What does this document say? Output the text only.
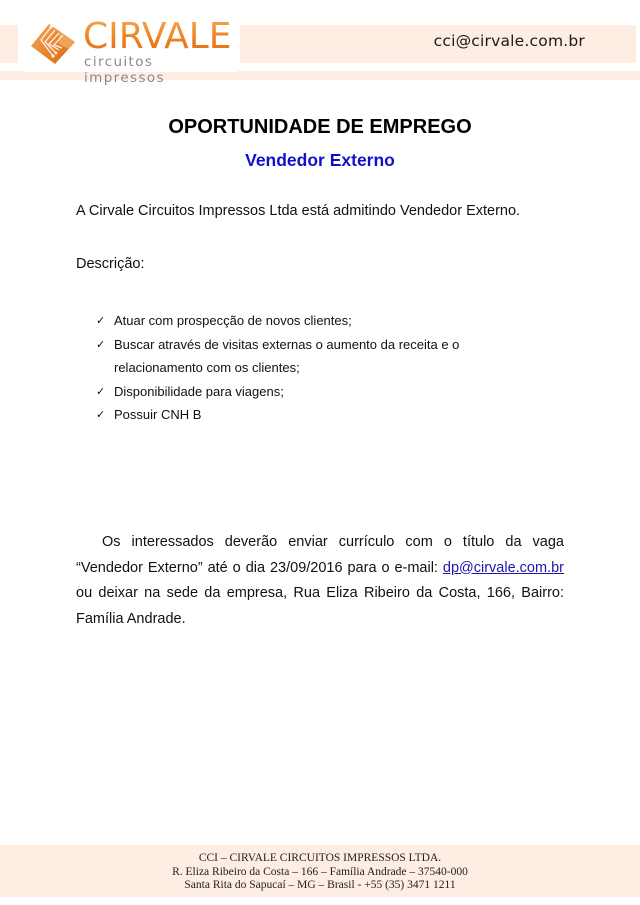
CIRVALE
circuitos impressos
cci@cirvale.com.br
OPORTUNIDADE DE EMPREGO
Vendedor Externo
A Cirvale Circuitos Impressos Ltda está admitindo Vendedor Externo.
Descrição:
✓ Atuar com prospecção de novos clientes;
✓ Buscar através de visitas externas o aumento da receita e o relacionamento com os clientes;
✓ Disponibilidade para viagens;
✓ Possuir CNH B
Os interessados deverão enviar currículo com o título da vaga “Vendedor Externo” até o dia 23/09/2016 para o e-mail: dp@cirvale.com.br ou deixar na sede da empresa, Rua Eliza Ribeiro da Costa, 166, Bairro: Família Andrade.
CCI – CIRVALE CIRCUITOS IMPRESSOS LTDA.
R. Eliza Ribeiro da Costa – 166 – Família Andrade – 37540-000
Santa Rita do Sapucaí – MG – Brasil - +55 (35) 3471 1211
